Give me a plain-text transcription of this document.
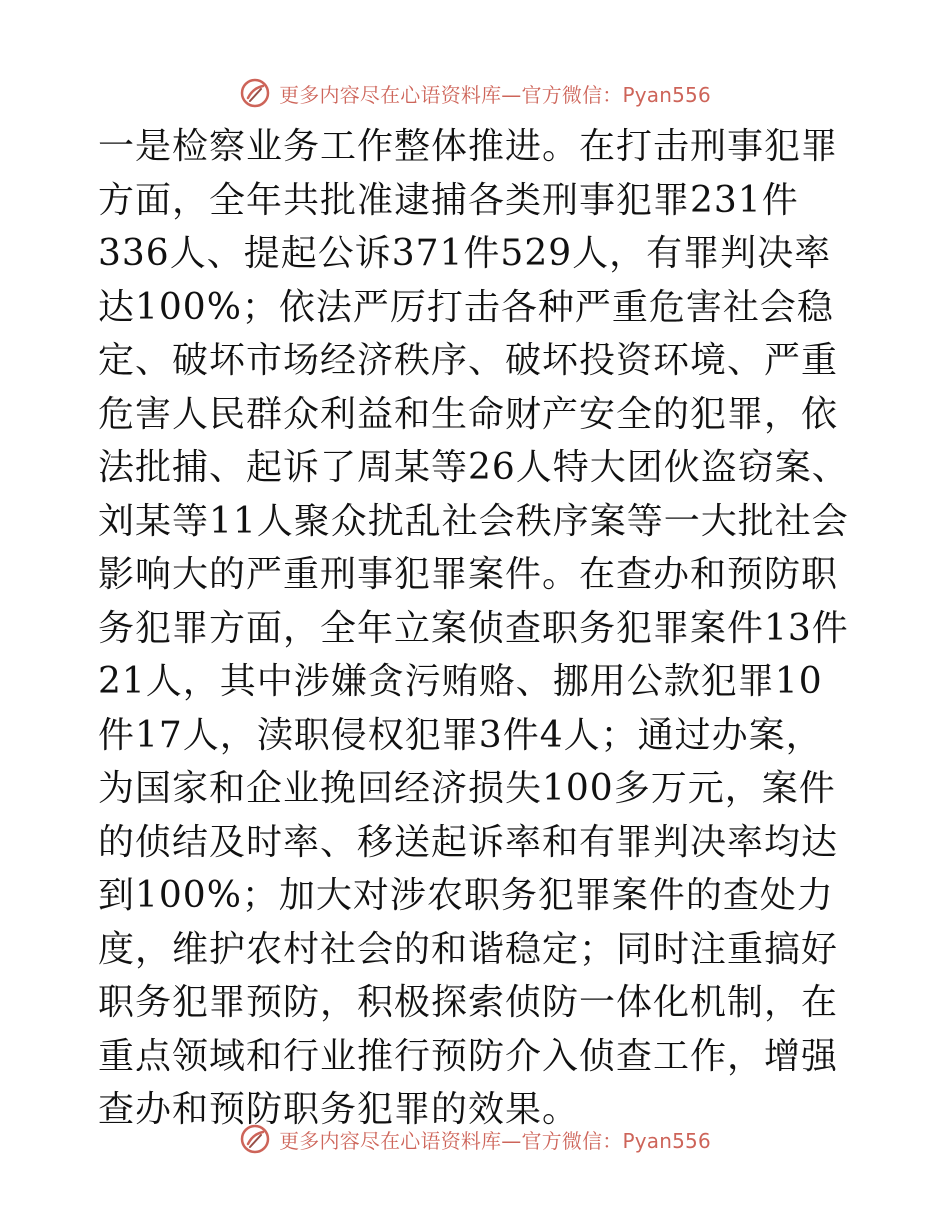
更多内容尽在心语资料库—官方微信：Pyan556

一是检察业务工作整体推进。在打击刑事犯罪方面，全年共批准逮捕各类刑事犯罪231件336人、提起公诉371件529人，有罪判决率达100%；依法严厉打击各种严重危害社会稳定、破坏市场经济秩序、破坏投资环境、严重危害人民群众利益和生命财产安全的犯罪，依法批捕、起诉了周某等26人特大团伙盗窃案、刘某等11人聚众扰乱社会秩序案等一大批社会影响大的严重刑事犯罪案件。在查办和预防职务犯罪方面，全年立案侦查职务犯罪案件13件21人，其中涉嫌贪污贿赂、挪用公款犯罪10件17人，渎职侵权犯罪3件4人；通过办案，为国家和企业挽回经济损失100多万元，案件的侦结及时率、移送起诉率和有罪判决率均达到100%；加大对涉农职务犯罪案件的查处力度，维护农村社会的和谐稳定；同时注重搞好职务犯罪预防，积极探索侦防一体化机制，在重点领域和行业推行预防介入侦查工作，增强查办和预防职务犯罪的效果。

更多内容尽在心语资料库—官方微信：Pyan556
